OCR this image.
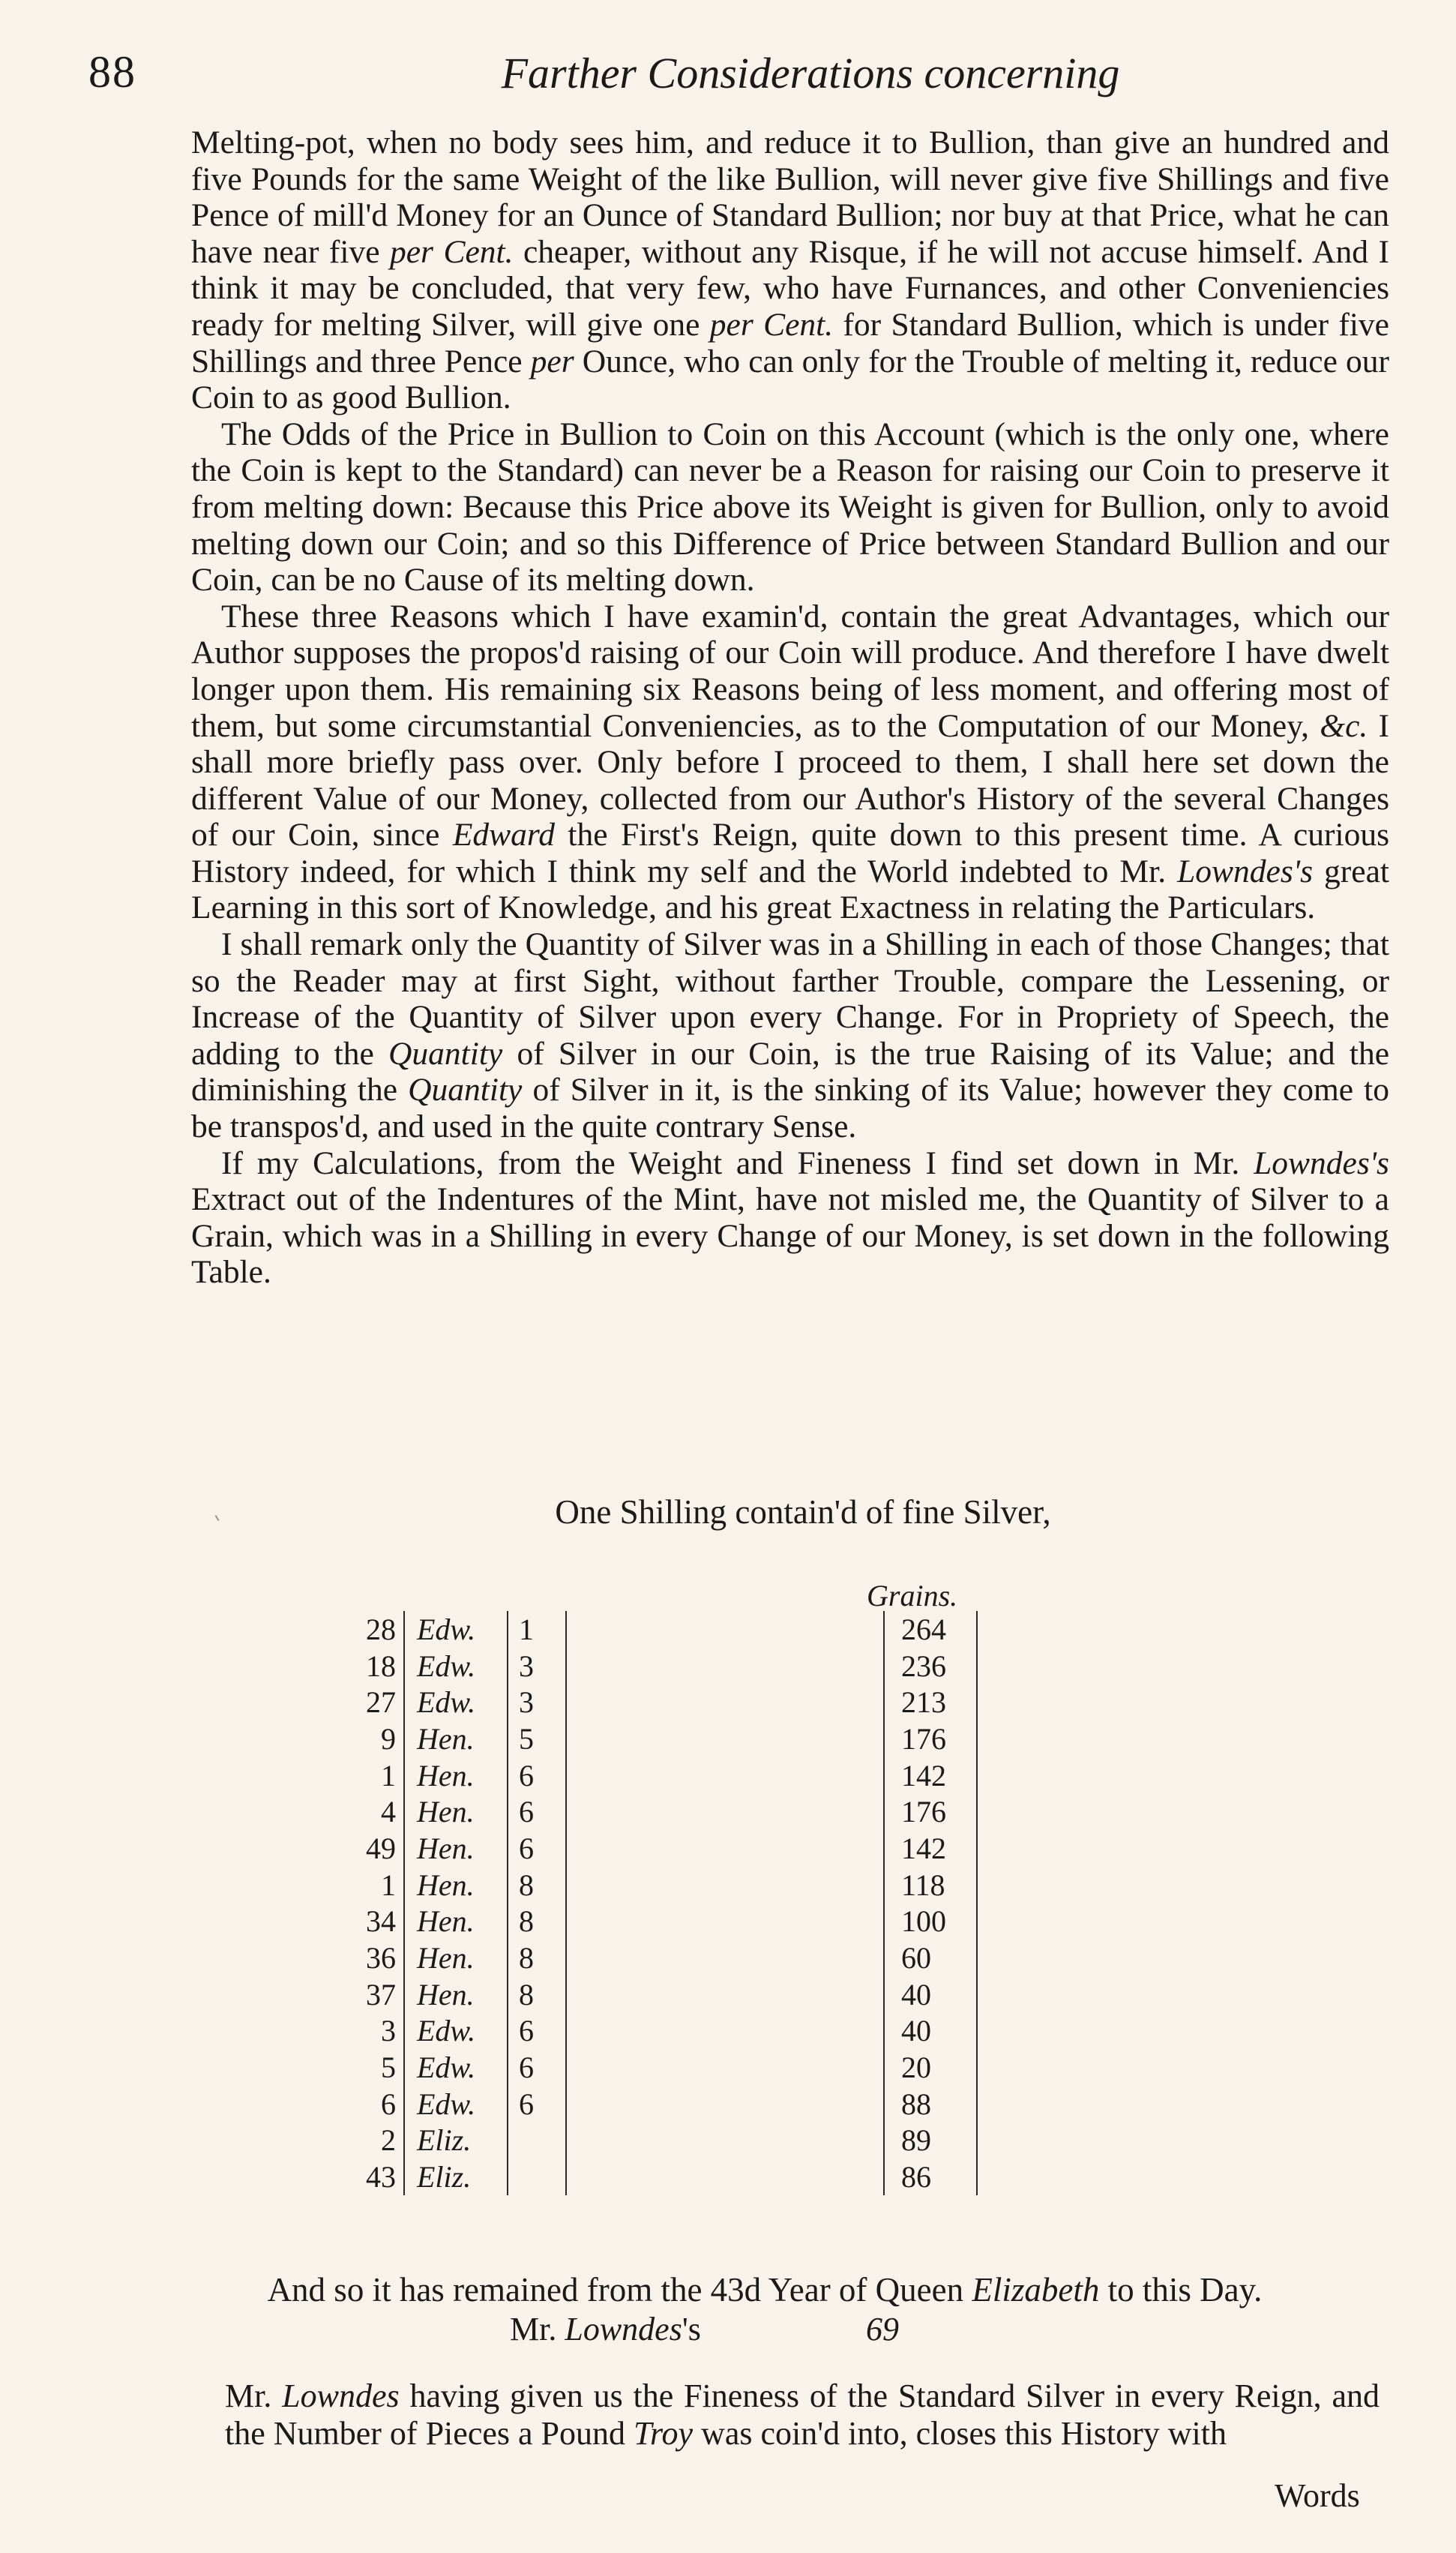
88	Farther Considerations concerning

Melting-pot, when no body sees him, and reduce it to Bullion, than give an hundred and five Pounds for the same Weight of the like Bullion, will never give five Shillings and five Pence of mill'd Money for an Ounce of Standard Bullion; nor buy at that Price, what he can have near five per Cent. cheaper, without any Risque, if he will not accuse himself. And I think it may be concluded, that very few, who have Furnances, and other Conveniencies ready for melting Silver, will give one per Cent. for Standard Bullion, which is under five Shillings and three Pence per Ounce, who can only for the Trouble of melting it, reduce our Coin to as good Bullion.

The Odds of the Price in Bullion to Coin on this Account (which is the only one, where the Coin is kept to the Standard) can never be a Reason for raising our Coin to preserve it from melting down: Because this Price above its Weight is given for Bullion, only to avoid melting down our Coin; and so this Difference of Price between Standard Bullion and our Coin, can be no Cause of its melting down.

These three Reasons which I have examin'd, contain the great Advantages, which our Author supposes the propos'd raising of our Coin will produce. And therefore I have dwelt longer upon them. His remaining six Reasons being of less moment, and offering most of them, but some circumstantial Conveniencies, as to the Computation of our Money, &c. I shall more briefly pass over. Only before I proceed to them, I shall here set down the different Value of our Money, collected from our Author's History of the several Changes of our Coin, since Edward the First's Reign, quite down to this present time. A curious History indeed, for which I think my self and the World indebted to Mr. Lowndes's great Learning in this sort of Knowledge, and his great Exactness in relating the Particulars.

I shall remark only the Quantity of Silver was in a Shilling in each of those Changes; that so the Reader may at first Sight, without farther Trouble, compare the Lessening, or Increase of the Quantity of Silver upon every Change. For in Propriety of Speech, the adding to the Quantity of Silver in our Coin, is the true Raising of its Value; and the diminishing the Quantity of Silver in it, is the sinking of its Value; however they come to be transpos'd, and used in the quite contrary Sense.

If my Calculations, from the Weight and Fineness I find set down in Mr. Lowndes's Extract out of the Indentures of the Mint, have not misled me, the Quantity of Silver to a Grain, which was in a Shilling in every Change of our Money, is set down in the following Table.

One Shilling contain'd of fine Silver,
Grains.
28	Edw.	1		264
18	Edw.	3		236
27	Edw.	3		213
9	Hen.	5		176
1	Hen.	6		142
4	Hen.	6		176
49	Hen.	6		142
1	Hen.	8		118
34	Hen.	8		100
36	Hen.	8		60
37	Hen.	8		40
3	Edw.	6		40
5	Edw.	6		20
6	Edw.	6		88
2	Eliz.			89
43	Eliz.			86
And so it has remained from the 43d Year of Queen Elizabeth to this Day.
Mr. Lowndes's	69
Mr. Lowndes having given us the Fineness of the Standard Silver in every Reign, and the Number of Pieces a Pound Troy was coin'd into, closes this History with
Words
